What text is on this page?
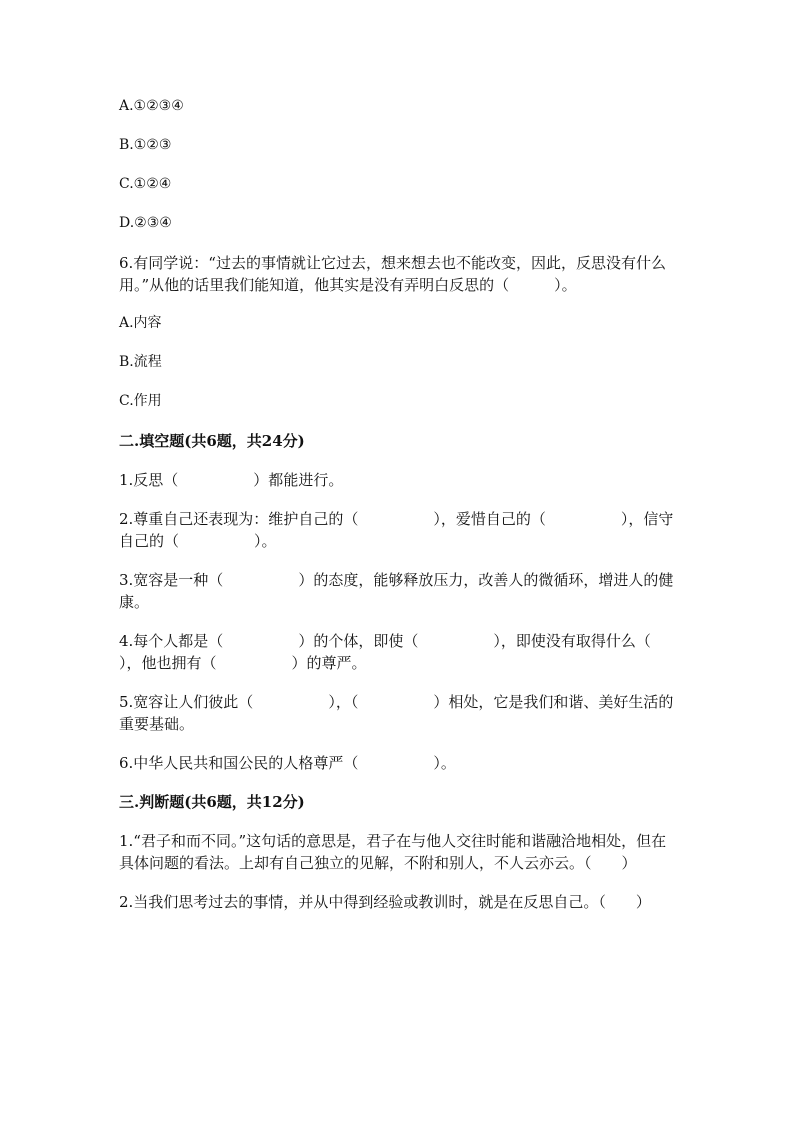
A.①②③④

B.①②③

C.①②④

D.②③④

6.有同学说：“过去的事情就让它过去，想来想去也不能改变，因此，反思没有什么用。”从他的话里我们能知道，他其实是没有弄明白反思的（　　　）。

A.内容

B.流程

C.作用

二.填空题(共6题，共24分)

1.反思（　　　　　）都能进行。

2.尊重自己还表现为：维护自己的（　　　　　），爱惜自己的（　　　　　），信守自己的（　　　　　）。

3.宽容是一种（　　　　　）的态度，能够释放压力，改善人的微循环，增进人的健康。

4.每个人都是（　　　　　）的个体，即使（　　　　　），即使没有取得什么（　　　　　），他也拥有（　　　　　）的尊严。

5.宽容让人们彼此（　　　　　），（　　　　　）相处，它是我们和谐、美好生活的重要基础。

6.中华人民共和国公民的人格尊严（　　　　　）。

三.判断题(共6题，共12分)

1.“君子和而不同。”这句话的意思是，君子在与他人交往时能和谐融洽地相处，但在具体问题的看法。上却有自己独立的见解，不附和别人，不人云亦云。（　　）

2.当我们思考过去的事情，并从中得到经验或教训时，就是在反思自己。（　　）
